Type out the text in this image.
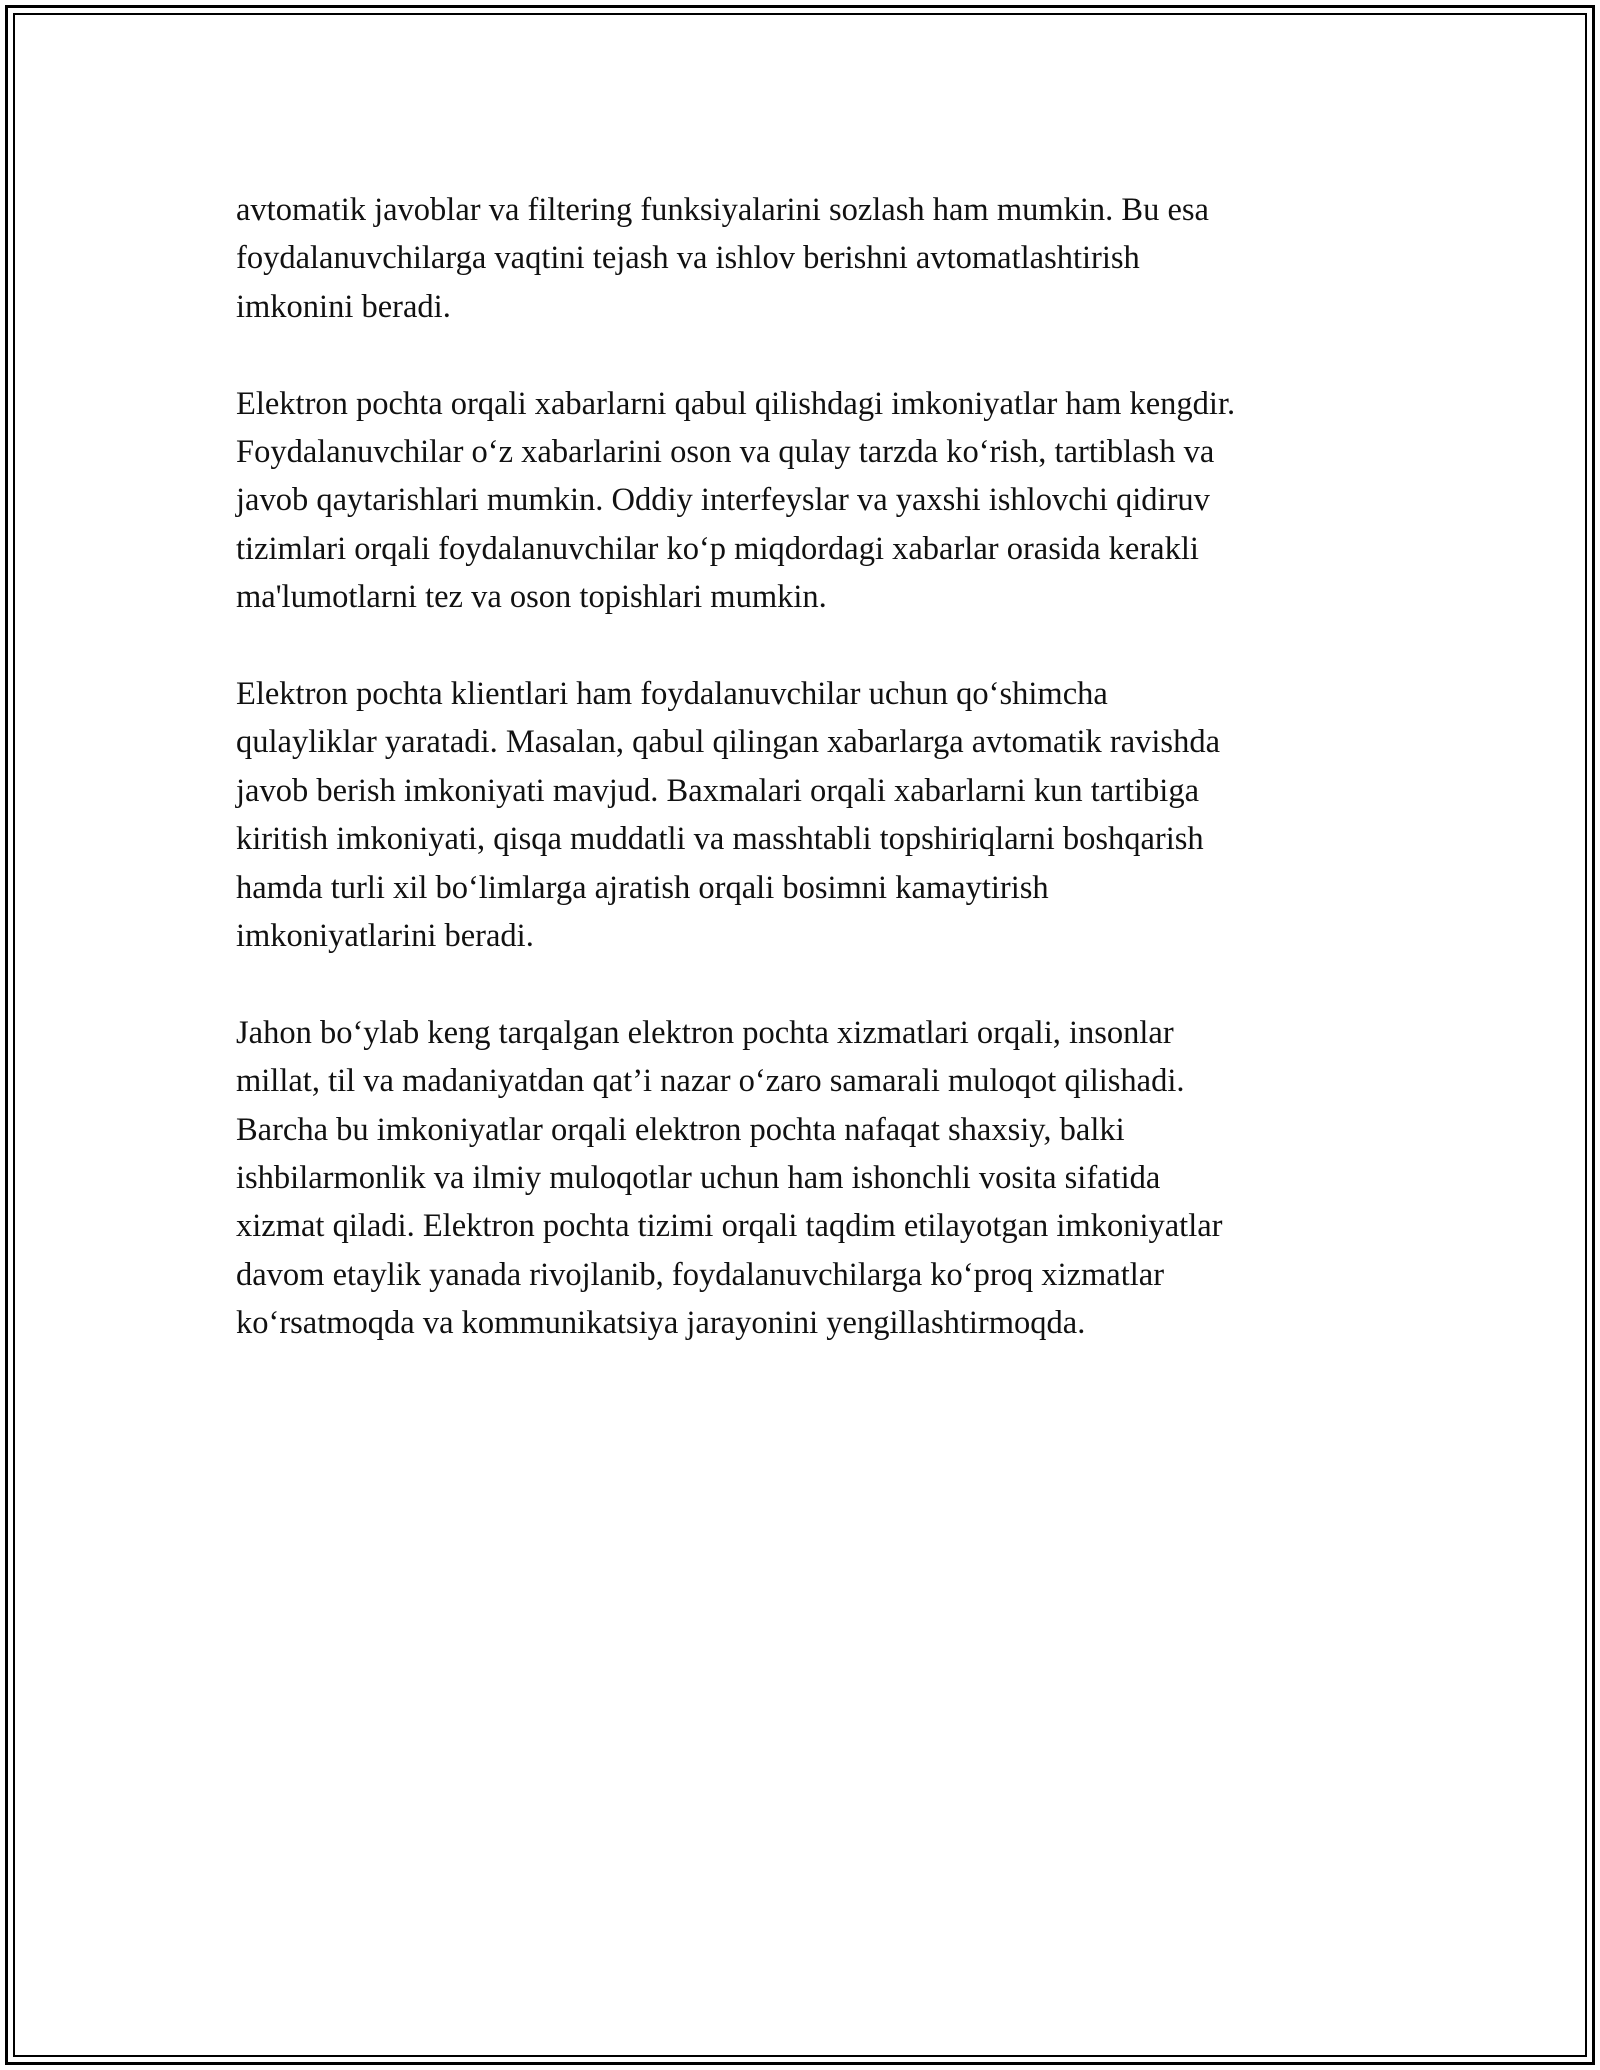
avtomatik javoblar va filtering funksiyalarini sozlash ham mumkin. Bu esa
foydalanuvchilarga vaqtini tejash va ishlov berishni avtomatlashtirish
imkonini beradi.

Elektron pochta orqali xabarlarni qabul qilishdagi imkoniyatlar ham kengdir.
Foydalanuvchilar o‘z xabarlarini oson va qulay tarzda ko‘rish, tartiblash va
javob qaytarishlari mumkin. Oddiy interfeyslar va yaxshi ishlovchi qidiruv
tizimlari orqali foydalanuvchilar ko‘p miqdordagi xabarlar orasida kerakli
ma'lumotlarni tez va oson topishlari mumkin.

Elektron pochta klientlari ham foydalanuvchilar uchun qo‘shimcha
qulayliklar yaratadi. Masalan, qabul qilingan xabarlarga avtomatik ravishda
javob berish imkoniyati mavjud. Baxmalari orqali xabarlarni kun tartibiga
kiritish imkoniyati, qisqa muddatli va masshtabli topshiriqlarni boshqarish
hamda turli xil bo‘limlarga ajratish orqali bosimni kamaytirish
imkoniyatlarini beradi.

Jahon bo‘ylab keng tarqalgan elektron pochta xizmatlari orqali, insonlar
millat, til va madaniyatdan qat’i nazar o‘zaro samarali muloqot qilishadi.
Barcha bu imkoniyatlar orqali elektron pochta nafaqat shaxsiy, balki
ishbilarmonlik va ilmiy muloqotlar uchun ham ishonchli vosita sifatida
xizmat qiladi. Elektron pochta tizimi orqali taqdim etilayotgan imkoniyatlar
davom etaylik yanada rivojlanib, foydalanuvchilarga ko‘proq xizmatlar
ko‘rsatmoqda va kommunikatsiya jarayonini yengillashtirmoqda.
